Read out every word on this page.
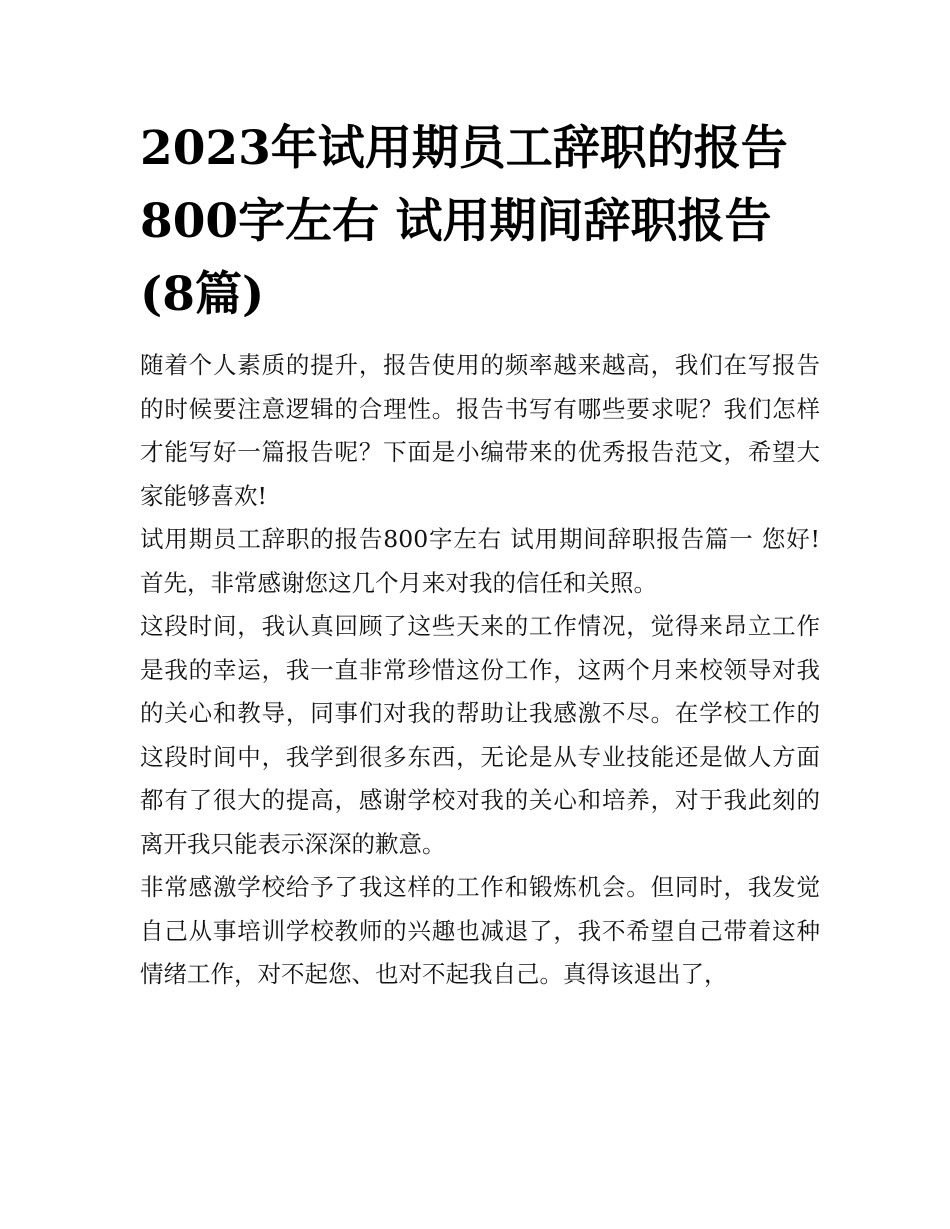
2023年试用期员工辞职的报告800字左右 试用期间辞职报告(8篇)

随着个人素质的提升，报告使用的频率越来越高，我们在写报告的时候要注意逻辑的合理性。报告书写有哪些要求呢？我们怎样才能写好一篇报告呢？下面是小编带来的优秀报告范文，希望大家能够喜欢!

试用期员工辞职的报告800字左右 试用期间辞职报告篇一 您好! 首先，非常感谢您这几个月来对我的信任和关照。

这段时间，我认真回顾了这些天来的工作情况，觉得来昂立工作是我的幸运，我一直非常珍惜这份工作，这两个月来校领导对我的关心和教导，同事们对我的帮助让我感激不尽。在学校工作的这段时间中，我学到很多东西，无论是从专业技能还是做人方面都有了很大的提高，感谢学校对我的关心和培养，对于我此刻的离开我只能表示深深的歉意。

非常感激学校给予了我这样的工作和锻炼机会。但同时，我发觉自己从事培训学校教师的兴趣也减退了，我不希望自己带着这种情绪工作，对不起您、也对不起我自己。真得该退出了，
